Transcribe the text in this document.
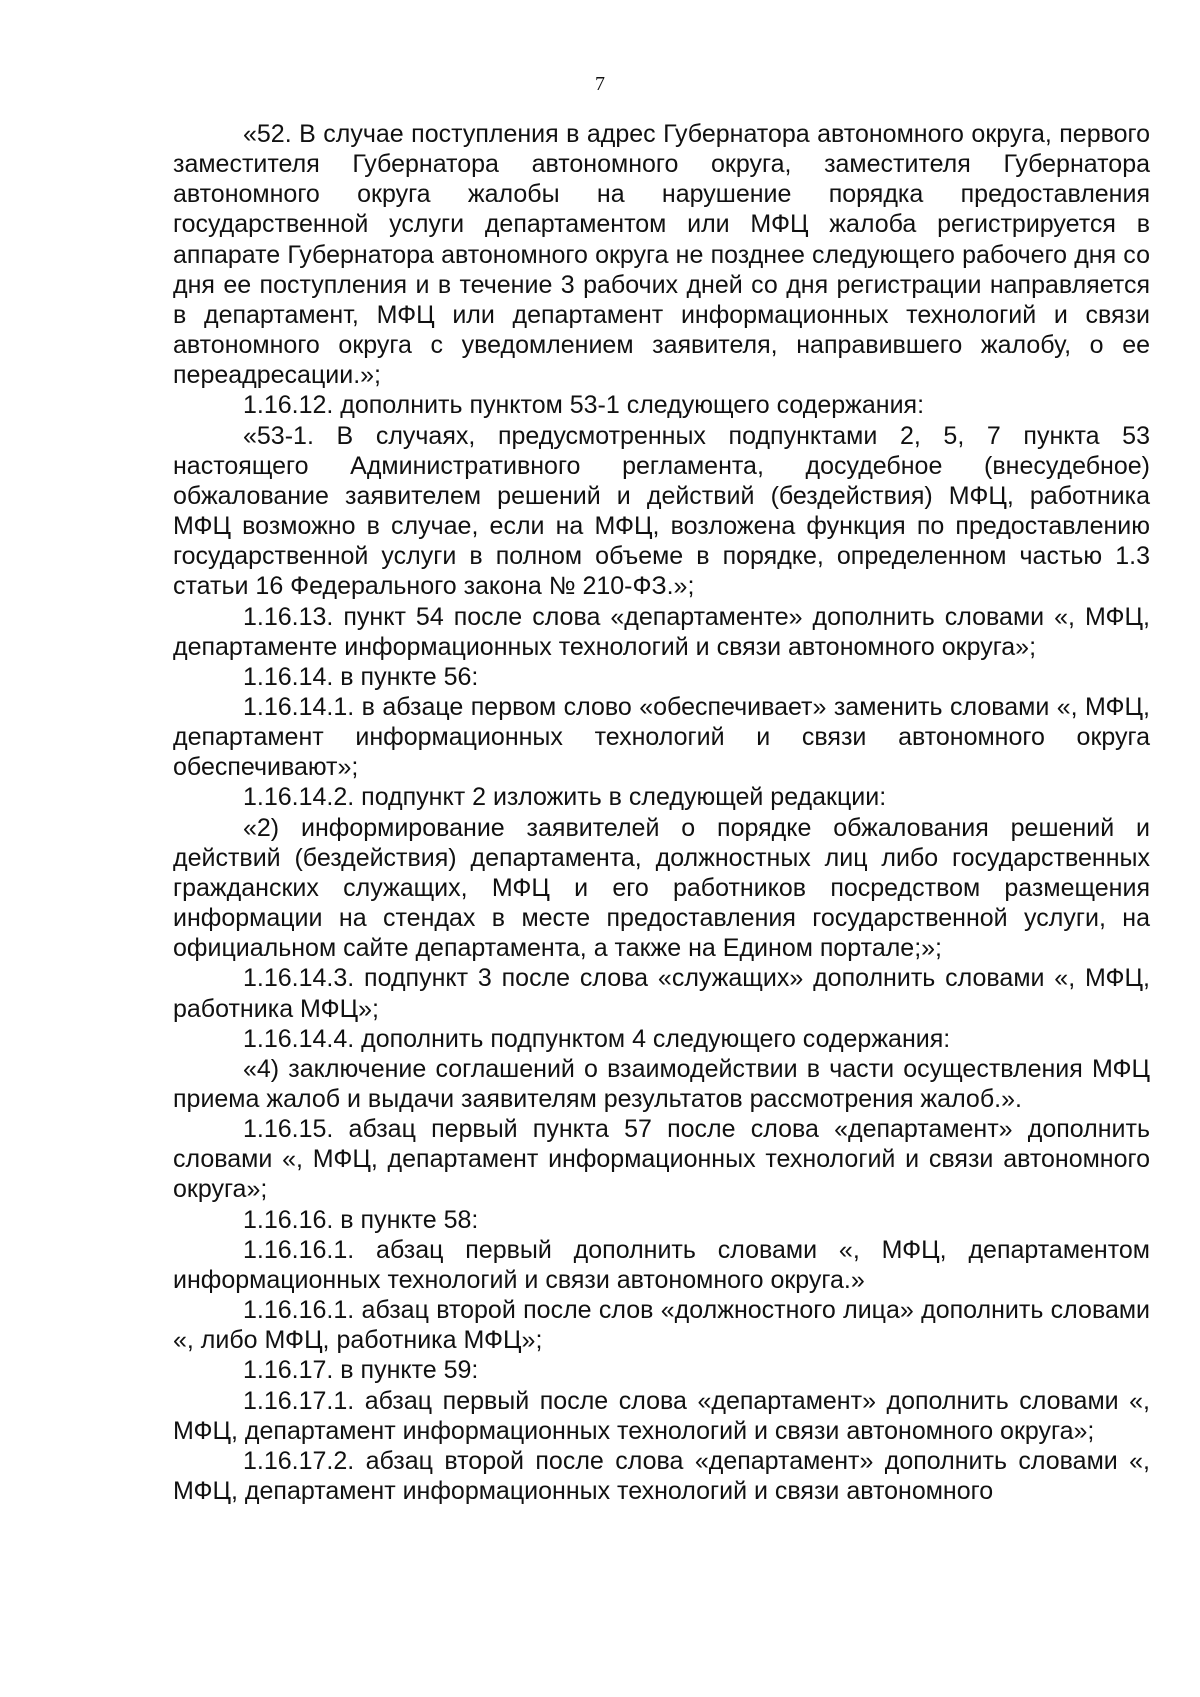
7

«52. В случае поступления в адрес Губернатора автономного округа, первого заместителя Губернатора автономного округа, заместителя Губернатора автономного округа жалобы на нарушение порядка предоставления государственной услуги департаментом или МФЦ жалоба регистрируется в аппарате Губернатора автономного округа не позднее следующего рабочего дня со дня ее поступления и в течение 3 рабочих дней со дня регистрации направляется в департамент, МФЦ или департамент информационных технологий и связи автономного округа с уведомлением заявителя, направившего жалобу, о ее переадресации.»;

1.16.12. дополнить пунктом 53-1 следующего содержания:

«53-1. В случаях, предусмотренных подпунктами 2, 5, 7 пункта 53 настоящего Административного регламента, досудебное (внесудебное) обжалование заявителем решений и действий (бездействия) МФЦ, работника МФЦ возможно в случае, если на МФЦ, возложена функция по предоставлению государственной услуги в полном объеме в порядке, определенном частью 1.3 статьи 16 Федерального закона № 210-ФЗ.»;

1.16.13. пункт 54 после слова «департаменте» дополнить словами «, МФЦ, департаменте информационных технологий и связи автономного округа»;

1.16.14. в пункте 56:

1.16.14.1. в абзаце первом слово «обеспечивает» заменить словами «, МФЦ, департамент информационных технологий и связи автономного округа обеспечивают»;

1.16.14.2. подпункт 2 изложить в следующей редакции:

«2) информирование заявителей о порядке обжалования решений и действий (бездействия) департамента, должностных лиц либо государственных гражданских служащих, МФЦ и его работников посредством размещения информации на стендах в месте предоставления государственной услуги, на официальном сайте департамента, а также на Едином портале;»;

1.16.14.3. подпункт 3 после слова «служащих» дополнить словами «, МФЦ, работника МФЦ»;

1.16.14.4. дополнить подпунктом 4 следующего содержания:

«4) заключение соглашений о взаимодействии в части осуществления МФЦ приема жалоб и выдачи заявителям результатов рассмотрения жалоб.».

1.16.15. абзац первый пункта 57 после слова «департамент» дополнить словами «, МФЦ, департамент информационных технологий и связи автономного округа»;

1.16.16. в пункте 58:

1.16.16.1. абзац первый дополнить словами «, МФЦ, департаментом информационных технологий и связи автономного округа.»

1.16.16.1. абзац второй после слов «должностного лица» дополнить словами «, либо МФЦ, работника МФЦ»;

1.16.17. в пункте 59:

1.16.17.1. абзац первый после слова «департамент» дополнить словами «, МФЦ, департамент информационных технологий и связи автономного округа»;

1.16.17.2. абзац второй после слова «департамент» дополнить словами «, МФЦ, департамент информационных технологий и связи автономного
